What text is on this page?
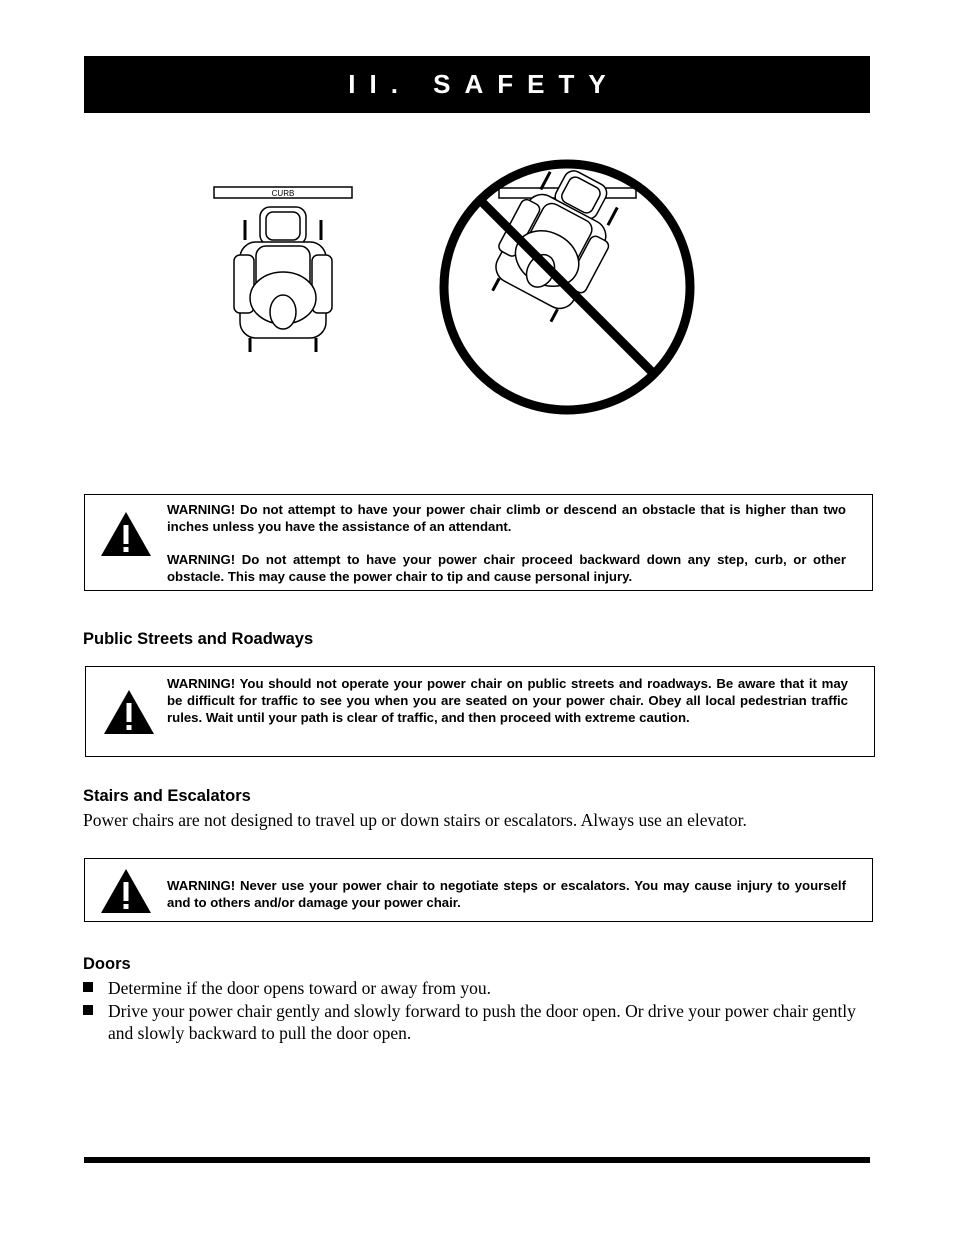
II. SAFETY
CURB

WARNING! Do not attempt to have your power chair climb or descend an obstacle that is higher than two inches unless you have the assistance of an attendant.

WARNING! Do not attempt to have your power chair proceed backward down any step, curb, or other obstacle. This may cause the power chair to tip and cause personal injury.

Public Streets and Roadways

WARNING! You should not operate your power chair on public streets and roadways. Be aware that it may be difficult for traffic to see you when you are seated on your power chair. Obey all local pedestrian traffic rules. Wait until your path is clear of traffic, and then proceed with extreme caution.

Stairs and Escalators
Power chairs are not designed to travel up or down stairs or escalators. Always use an elevator.

WARNING! Never use your power chair to negotiate steps or escalators. You may cause injury to yourself and to others and/or damage your power chair.

Doors
Determine if the door opens toward or away from you.
Drive your power chair gently and slowly forward to push the door open. Or drive your power chair gently and slowly backward to pull the door open.
